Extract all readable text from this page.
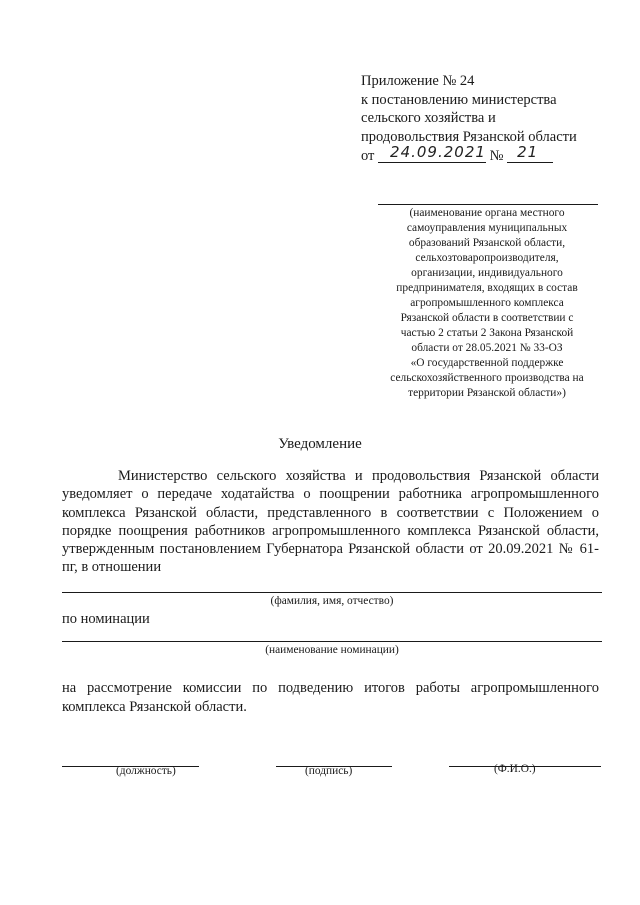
Приложение № 24
к постановлению министерства
сельского хозяйства и
продовольствия Рязанской области
от 24.09.2021 № 21
(наименование органа местного
самоуправления муниципальных
образований Рязанской области,
сельхозтоваропроизводителя,
организации, индивидуального
предпринимателя, входящих в состав
агропромышленного комплекса
Рязанской области в соответствии с
частью 2 статьи 2 Закона Рязанской
области от 28.05.2021 № 33-ОЗ
«О государственной поддержке
сельскохозяйственного производства на
территории Рязанской области»)
Уведомление
Министерство сельского хозяйства и продовольствия Рязанской области уведомляет о передаче ходатайства о поощрении работника агропромышленного комплекса Рязанской области, представленного в соответствии с Положением о порядке поощрения работников агропромышленного комплекса Рязанской области, утвержденным постановлением Губернатора Рязанской области от 20.09.2021 № 61-пг, в отношении
(фамилия, имя, отчество)
по номинации
(наименование номинации)
на рассмотрение комиссии по подведению итогов работы агропромышленного комплекса Рязанской области.
(должность)	(подпись)	(Ф.И.О.)
